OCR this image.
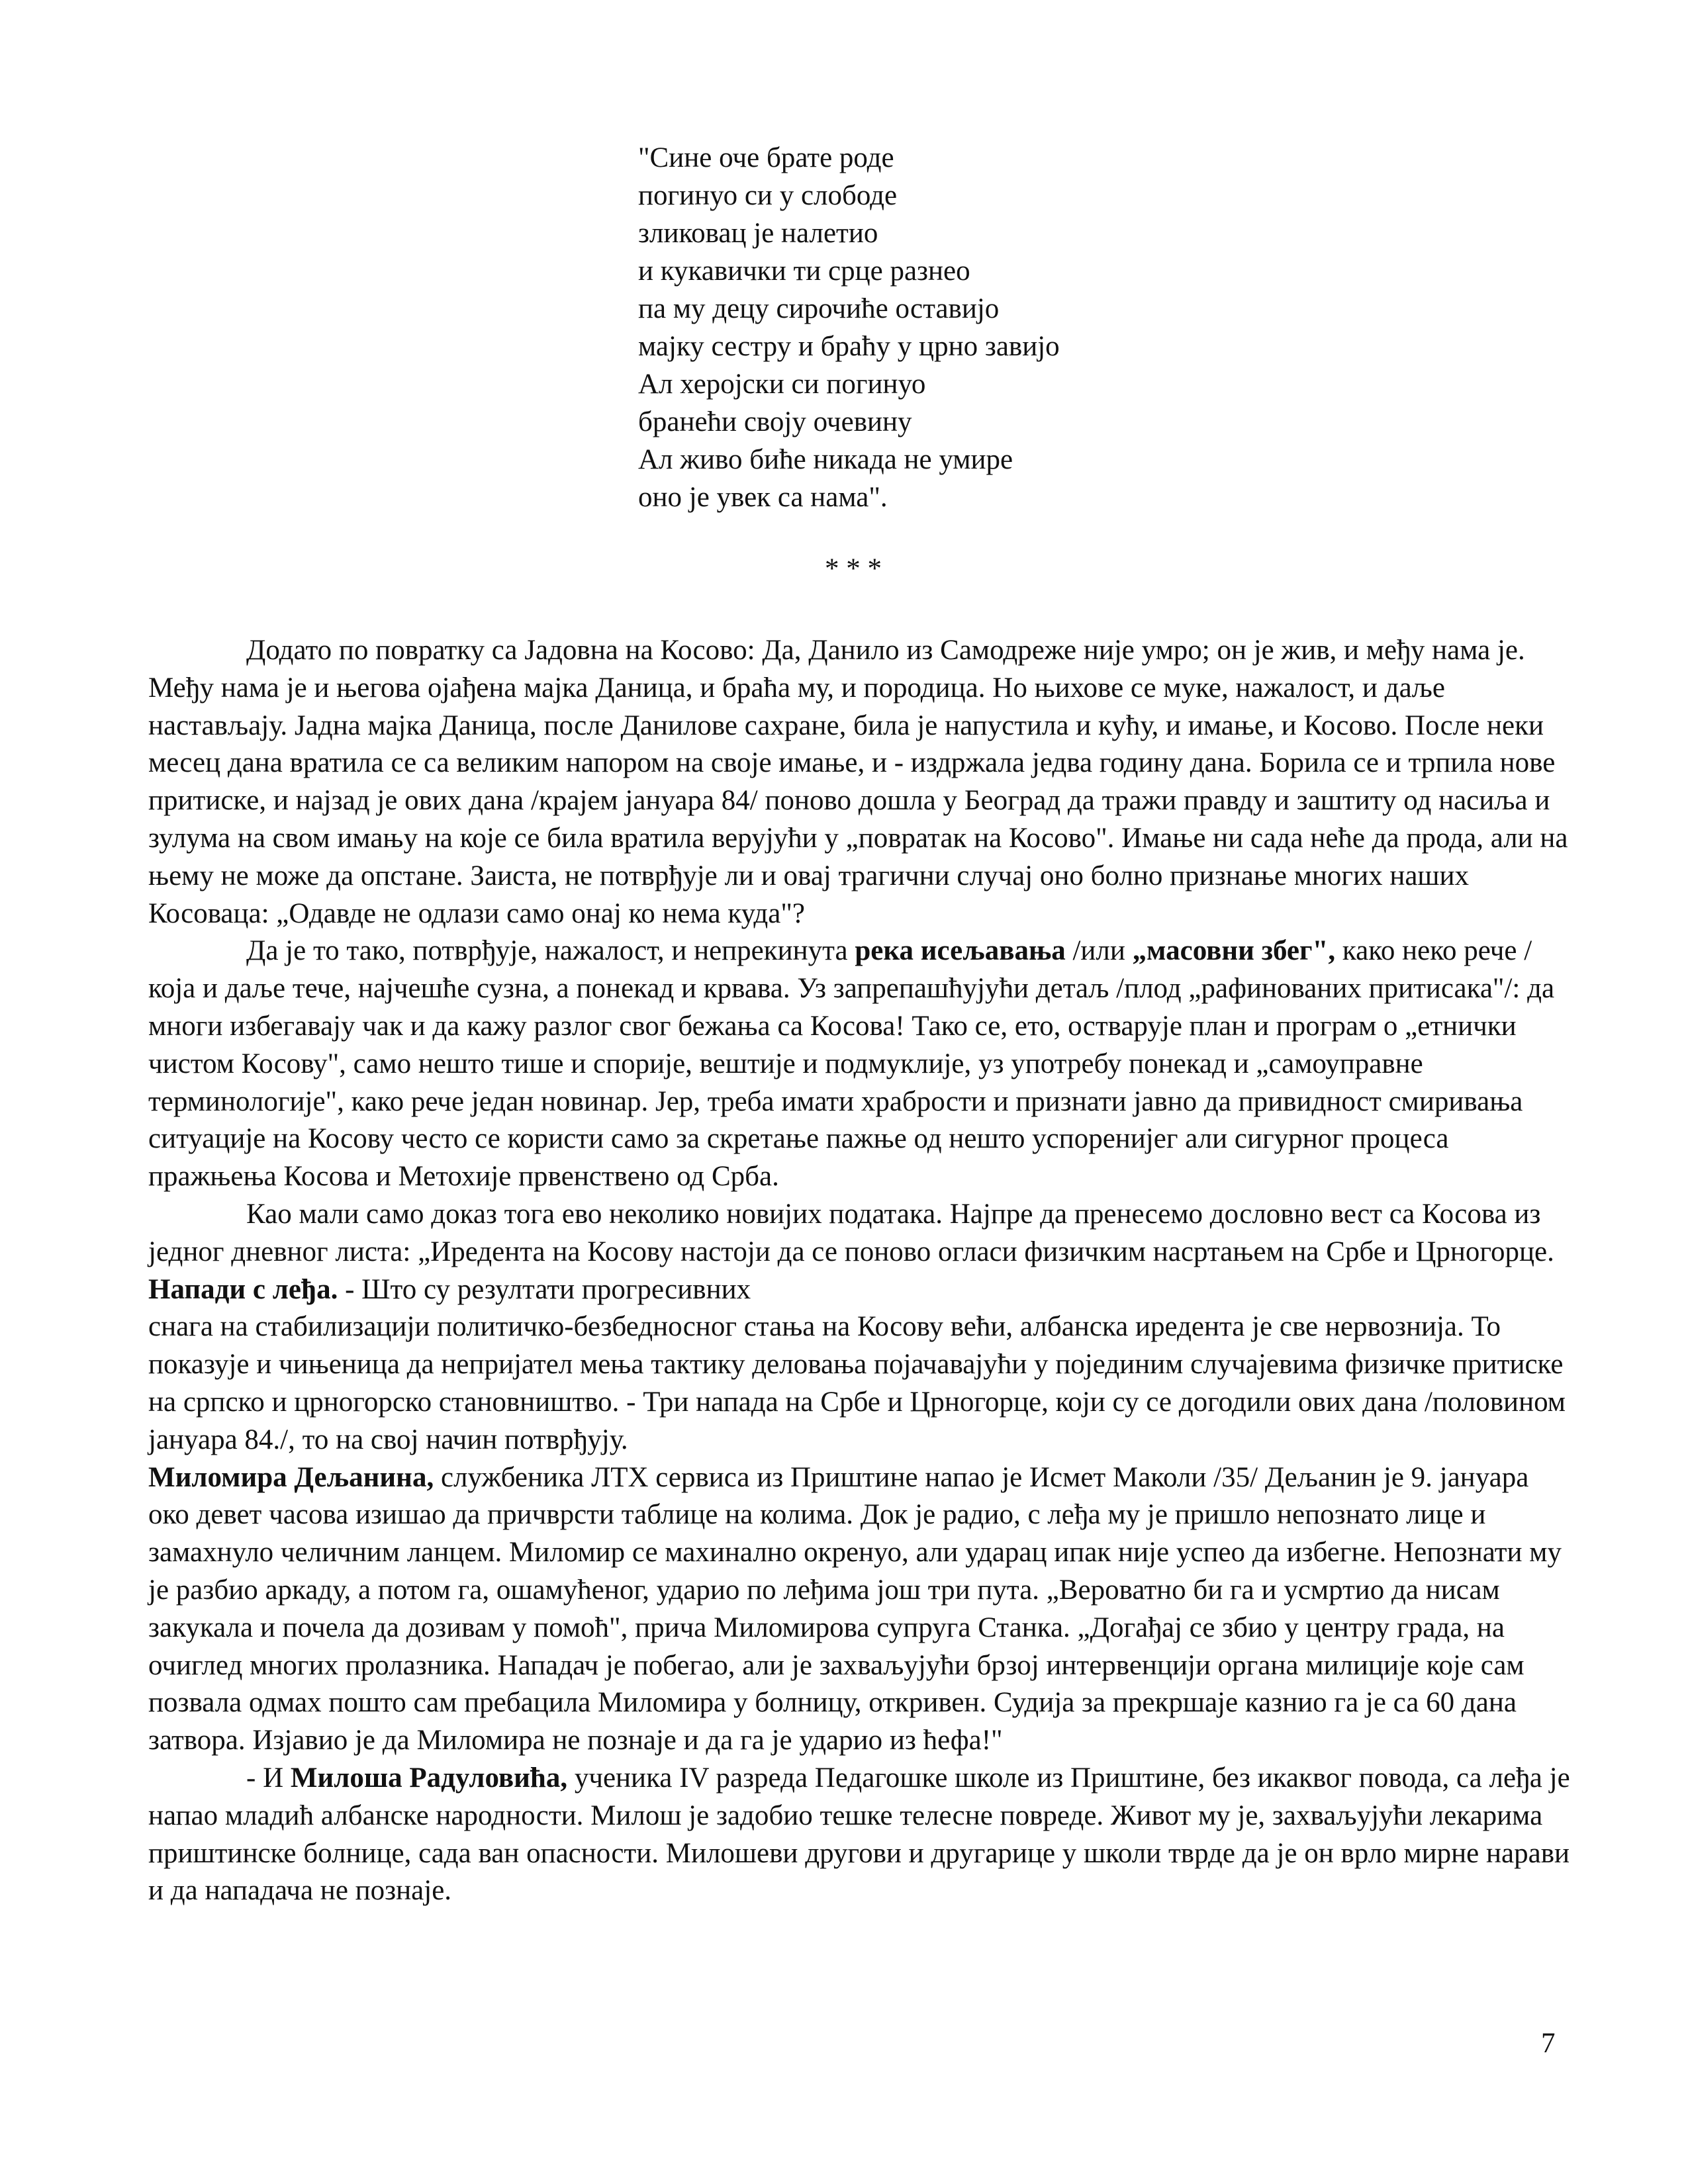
"Сине оче брате роде
погинуо си у слободе
зликовац је налетио
и кукавички ти срце разнео
па му децу сирочиће оставијо
мајку сестру и браћу у црно завијо
Ал херојски си погинуо
бранећи своју очевину
Ал живо биће никада не умире
оно је увек са нама".
* * *

Додато по повратку са Јадовна на Косово: Да, Данило из Самодреже није умро; он је жив, и међу нама је. Међу нама је и његова ојађена мајка Даница, и браћа му, и породица. Но њихове се муке, нажалост, и даље настављају. Јадна мајка Даница, после Данилове сахране, била је напустила и кућу, и имање, и Косово. После неки месец дана вратила се са великим напором на своје имање, и - издржала једва годину дана. Борила се и трпила нове притиске, и најзад је ових дана /крајем јануара 84/ поново дошла у Београд да тражи правду и заштиту од насиља и зулума на свом имању на које се била вратила верујући у „повратак на Косово". Имање ни сада неће да прода, али на њему не може да опстане. Заиста, не потврђује ли и овај трагични случај оно болно признање многих наших Косоваца: „Одавде не одлази само онај ко нема куда"?

Да је то тако, потврђује, нажалост, и непрекинута река исељавања /или „масовни збег", како неко рече / која и даље тече, најчешће сузна, а понекад и крвава. Уз запрепашћујући детаљ /плод „рафинованих притисака"/: да многи избегавају чак и да кажу разлог свог бежања са Косова! Тако се, ето, остварује план и програм о „етнички чистом Косову", само нешто тише и спорије, вештије и подмуклије, уз употребу понекад и „самоуправне терминологије", како рече један новинар. Јер, треба имати храбрости и признати јавно да привидност смиривања ситуације на Косову често се користи само за скретање пажње од нешто успоренијег али сигурног процеса пражњења Косова и Метохије првенствено од Срба.

Као мали само доказ тога ево неколико новијих података. Најпре да пренесемо дословно вест са Косова из једног дневног листа: „Иредента на Косову настоји да се поново огласи физичким насртањем на Србе и Црногорце. Напади с леђа. - Што су резултати прогресивних

снага на стабилизацији политичко-безбедносног стања на Косову већи, албанска иредента је све нервознија. То показује и чињеница да непријател мења тактику деловања појачавајући у појединим случајевима физичке притиске на српско и црногорско становништво. - Три напада на Србе и Црногорце, који су се догодили ових дана /половином јануара 84./, то на свој начин потврђују.

Миломира Дељанина, службеника ЛТХ сервиса из Приштине напао је Исмет Маколи /35/ Дељанин је 9. јануара око девет часова изишао да причврсти таблице на колима. Док је радио, с леђа му је пришло непознато лице и замахнуло челичним ланцем. Миломир се махинално окренуо, али ударац ипак није успео да избегне. Непознати му је разбио аркаду, а потом га, ошамућеног, ударио по леђима још три пута. „Вероватно би га и усмртио да нисам закукала и почела да дозивам у помоћ", прича Миломирова супруга Станка. „Догађај се збио у центру града, на очиглед многих пролазника. Нападач је побегао, али је захваљујући брзој интервенцији органа милиције које сам позвала одмах пошто сам пребацила Миломира у болницу, откривен. Судија за прекршаје казнио га је са 60 дана затвора. Изјавио је да Миломира не познаје и да га је ударио из ћефа!"

- И Милоша Радуловића, ученика IV разреда Педагошке школе из Приштине, без икаквог повода, са леђа је напао младић албанске народности. Милош је задобио тешке телесне повреде. Живот му је, захваљујући лекарима приштинске болнице, сада ван опасности. Милошеви другови и другарице у школи тврде да је он врло мирне нарави и да нападача не познаје.

7
